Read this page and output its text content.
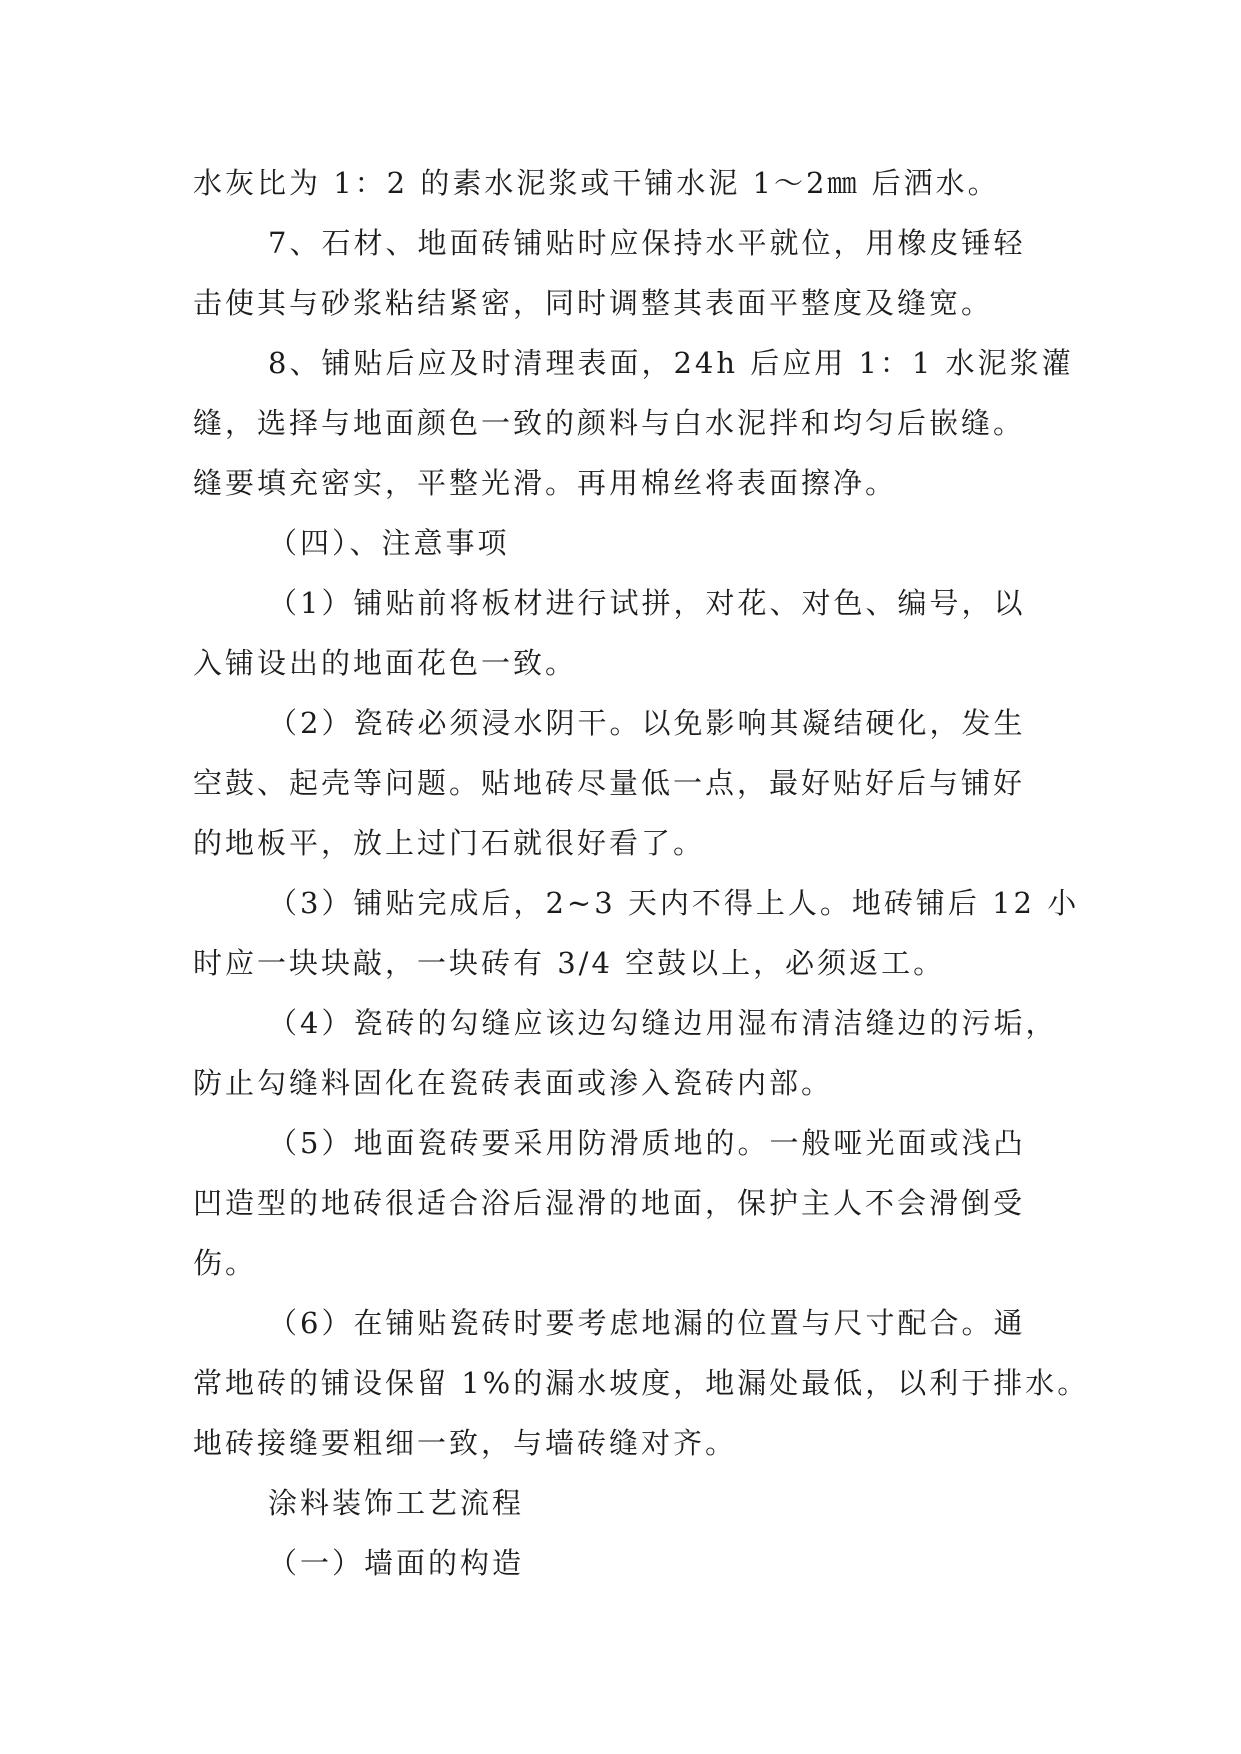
水灰比为 1：2 的素水泥浆或干铺水泥 1～2㎜ 后洒水。
7、石材、地面砖铺贴时应保持水平就位，用橡皮锤轻
击使其与砂浆粘结紧密，同时调整其表面平整度及缝宽。
8、铺贴后应及时清理表面，24h 后应用 1：1 水泥浆灌
缝，选择与地面颜色一致的颜料与白水泥拌和均匀后嵌缝。
缝要填充密实，平整光滑。再用棉丝将表面擦净。
（四）、注意事项
（1）铺贴前将板材进行试拼，对花、对色、编号，以
入铺设出的地面花色一致。
（2）瓷砖必须浸水阴干。以免影响其凝结硬化，发生
空鼓、起壳等问题。贴地砖尽量低一点，最好贴好后与铺好
的地板平，放上过门石就很好看了。
（3）铺贴完成后，2~3 天内不得上人。地砖铺后 12 小
时应一块块敲，一块砖有 3/4 空鼓以上，必须返工。
（4）瓷砖的勾缝应该边勾缝边用湿布清洁缝边的污垢，
防止勾缝料固化在瓷砖表面或渗入瓷砖内部。
（5）地面瓷砖要采用防滑质地的。一般哑光面或浅凸
凹造型的地砖很适合浴后湿滑的地面，保护主人不会滑倒受
伤。
（6）在铺贴瓷砖时要考虑地漏的位置与尺寸配合。通
常地砖的铺设保留 1%的漏水坡度，地漏处最低，以利于排水。
地砖接缝要粗细一致，与墙砖缝对齐。
涂料装饰工艺流程
（一）墙面的构造
